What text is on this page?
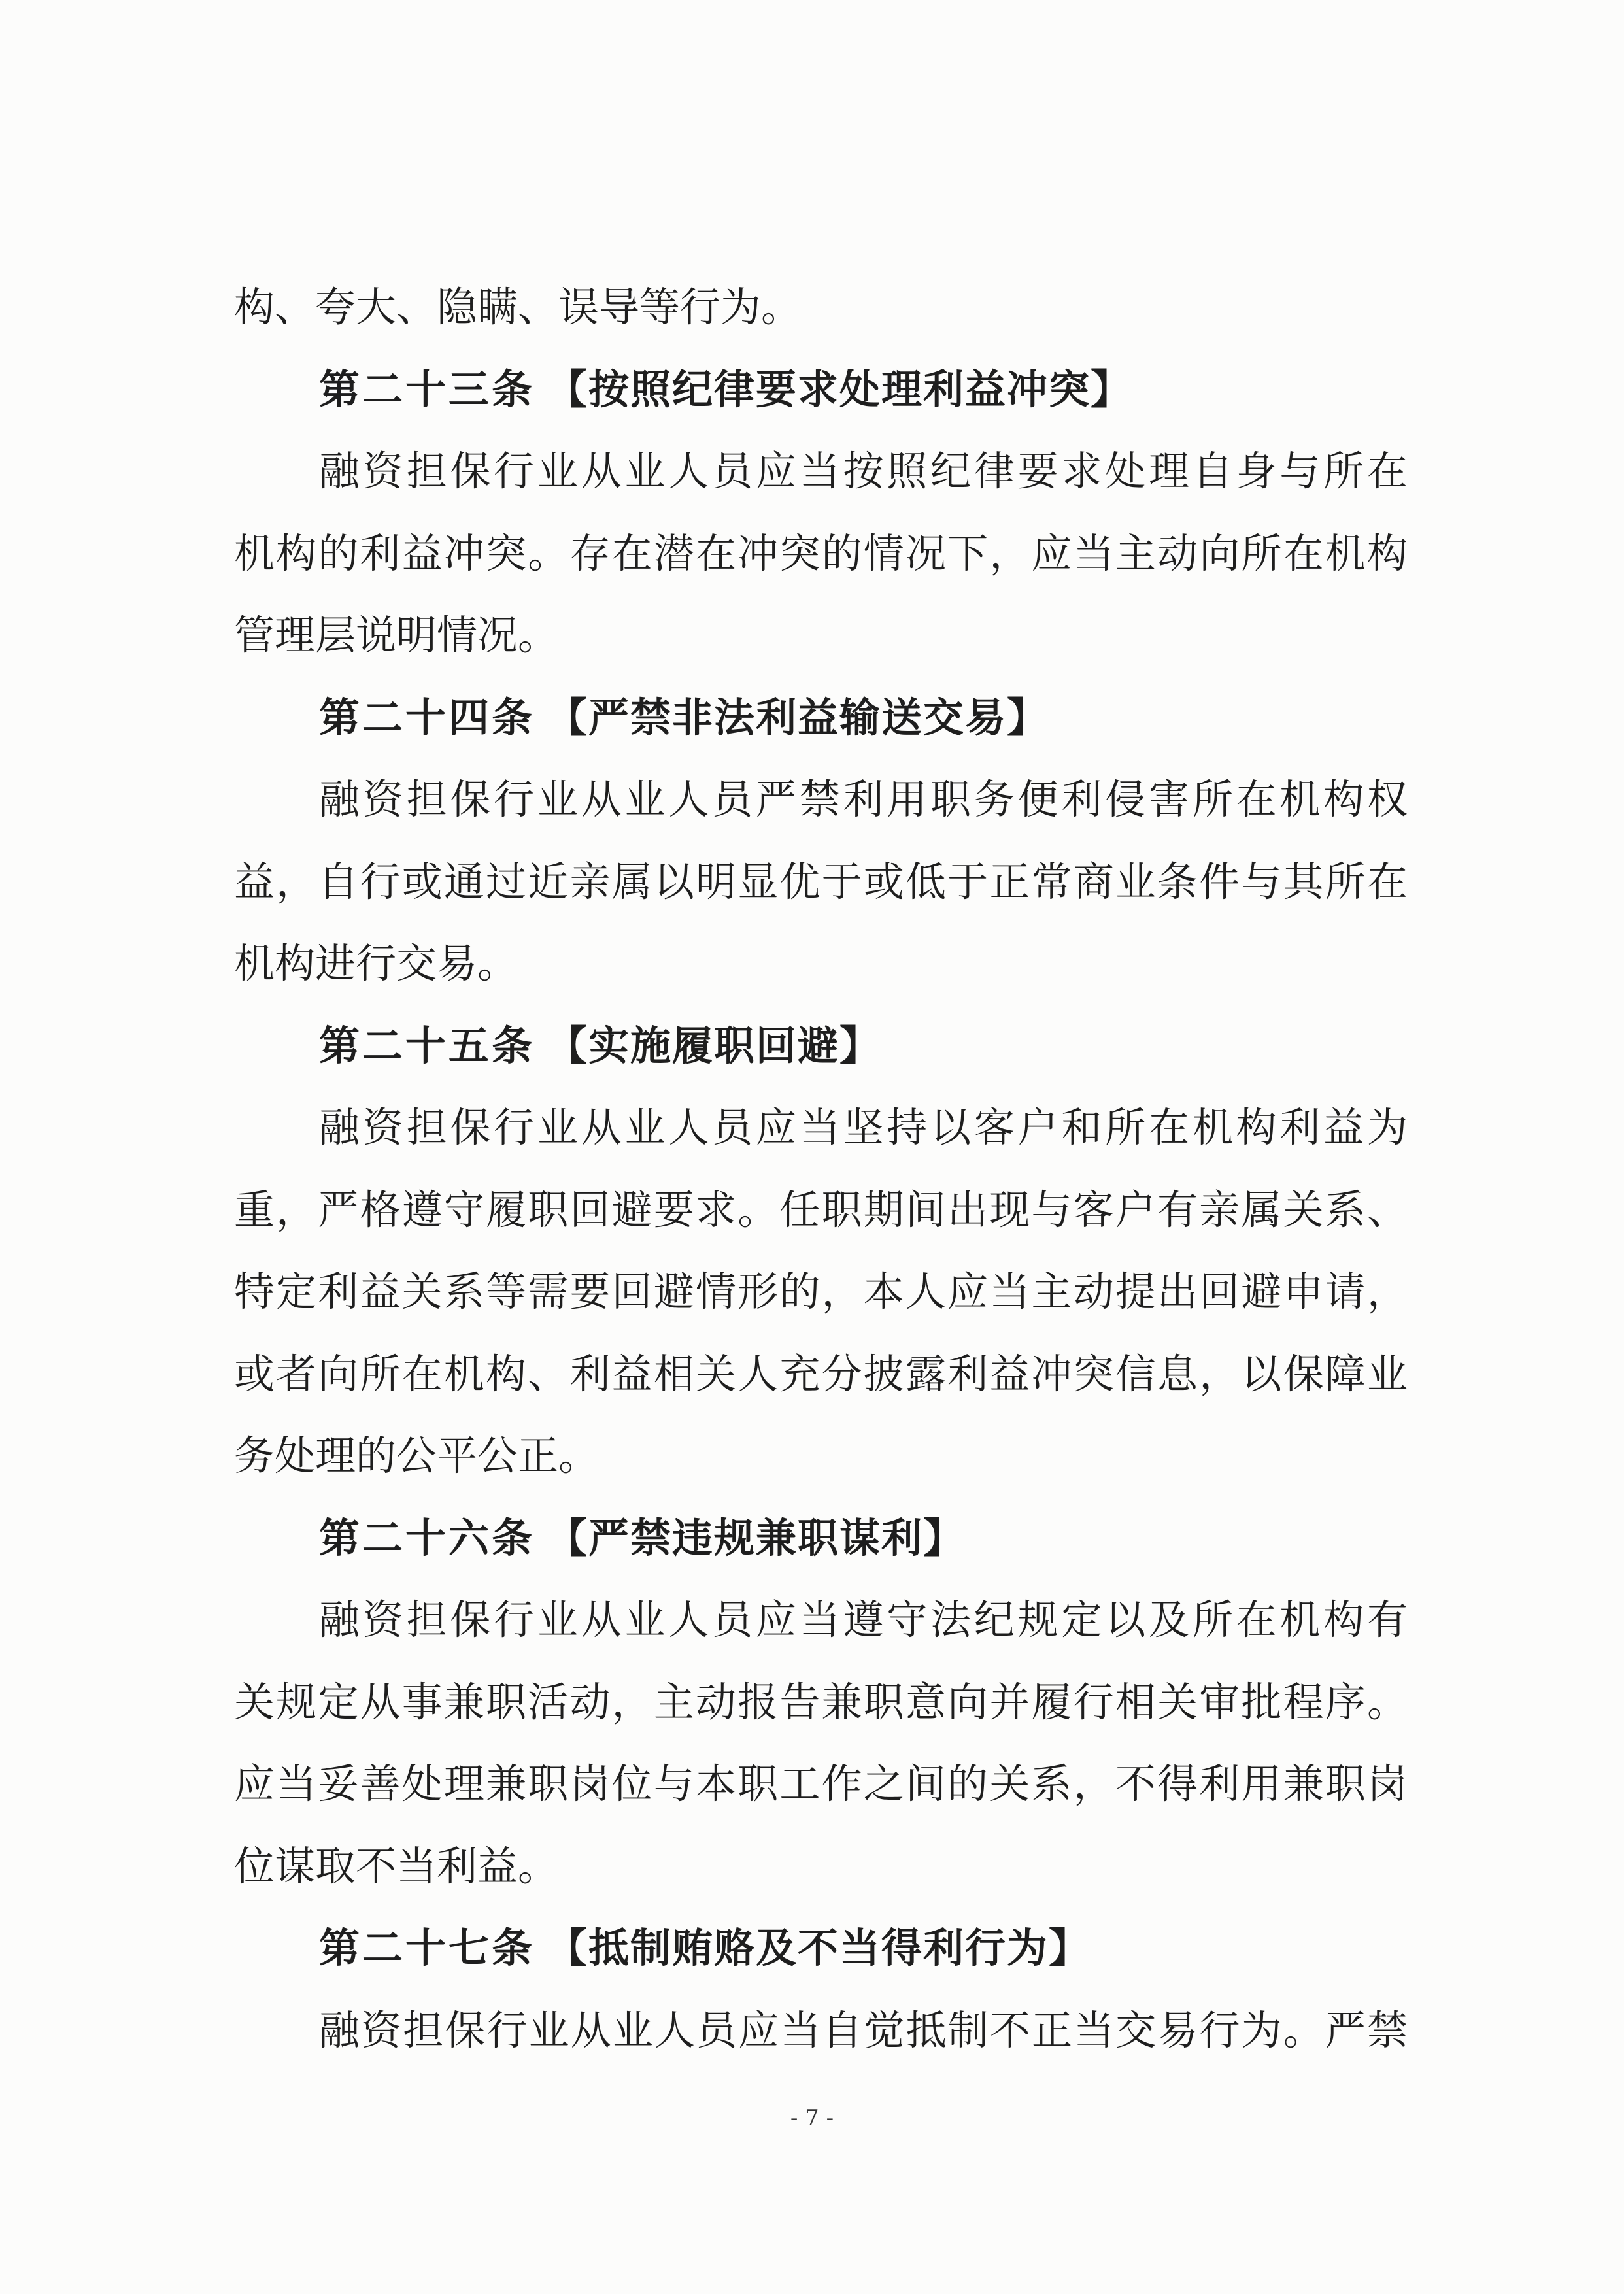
构、夸大、隐瞒、误导等行为。
第二十三条 【按照纪律要求处理利益冲突】
融资担保行业从业人员应当按照纪律要求处理自身与所在
机构的利益冲突。存在潜在冲突的情况下，应当主动向所在机构
管理层说明情况。
第二十四条 【严禁非法利益输送交易】
融资担保行业从业人员严禁利用职务便利侵害所在机构权
益，自行或通过近亲属以明显优于或低于正常商业条件与其所在
机构进行交易。
第二十五条 【实施履职回避】
融资担保行业从业人员应当坚持以客户和所在机构利益为
重，严格遵守履职回避要求。任职期间出现与客户有亲属关系、
特定利益关系等需要回避情形的，本人应当主动提出回避申请，
或者向所在机构、利益相关人充分披露利益冲突信息，以保障业
务处理的公平公正。
第二十六条 【严禁违规兼职谋利】
融资担保行业从业人员应当遵守法纪规定以及所在机构有
关规定从事兼职活动，主动报告兼职意向并履行相关审批程序。
应当妥善处理兼职岗位与本职工作之间的关系，不得利用兼职岗
位谋取不当利益。
第二十七条 【抵制贿赂及不当得利行为】
融资担保行业从业人员应当自觉抵制不正当交易行为。严禁
- 7 -
